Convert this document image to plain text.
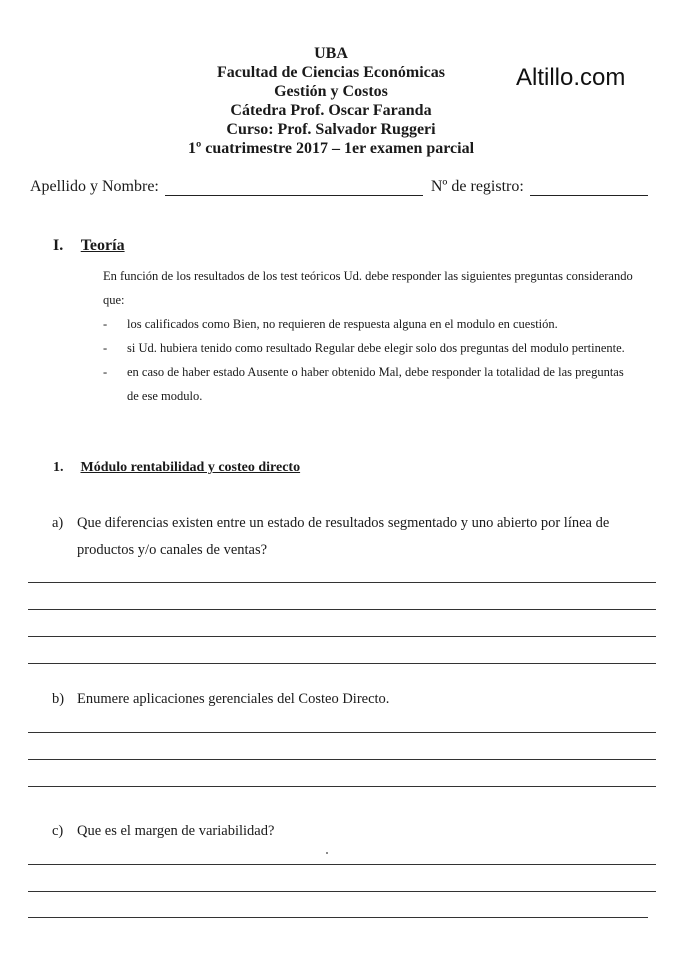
UBA
Facultad de Ciencias Económicas
Gestión y Costos
Cátedra Prof. Oscar Faranda
Curso: Prof. Salvador Ruggeri
1º cuatrimestre 2017 – 1er examen parcial
Altillo.com
Apellido y Nombre:	Nº de registro:
I. Teoría
En función de los resultados de los test teóricos Ud. debe responder las siguientes preguntas considerando que:
- los calificados como Bien, no requieren de respuesta alguna en el modulo en cuestión.
- si Ud. hubiera tenido como resultado Regular debe elegir solo dos preguntas del modulo pertinente.
- en caso de haber estado Ausente o haber obtenido Mal, debe responder la totalidad de las preguntas de ese modulo.
1. Módulo rentabilidad y costeo directo
a) Que diferencias existen entre un estado de resultados segmentado y uno abierto por línea de productos y/o canales de ventas?
b) Enumere aplicaciones gerenciales del Costeo Directo.
c) Que es el margen de variabilidad?
